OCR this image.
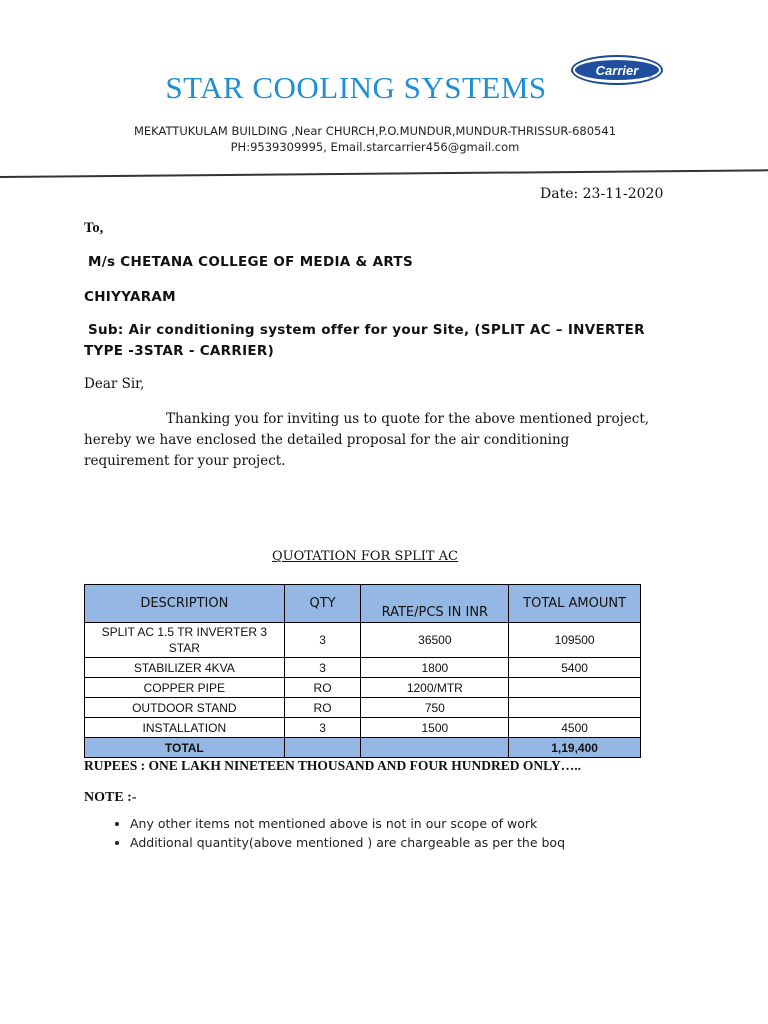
STAR COOLING SYSTEMS	Carrier
®
MEKATTUKULAM BUILDING ,Near CHURCH,P.O.MUNDUR,MUNDUR-THRISSUR-680541
PH:9539309995, Email.starcarrier456@gmail.com
Date: 23-11-2020
To,
M/s CHETANA COLLEGE OF MEDIA & ARTS
CHIYYARAM
Sub: Air conditioning system offer for your Site, (SPLIT AC – INVERTER
TYPE -3STAR - CARRIER)
Dear Sir,
Thanking you for inviting us to quote for the above mentioned project,
hereby we have enclosed the detailed proposal for the air conditioning
requirement for your project.
QUOTATION FOR SPLIT AC
DESCRIPTION	QTY	RATE/PCS IN INR	TOTAL AMOUNT
SPLIT AC 1.5 TR INVERTER 3 STAR	3	36500	109500
STABILIZER 4KVA	3	1800	5400
COPPER PIPE	RO	1200/MTR	
OUTDOOR STAND	RO	750	
INSTALLATION	3	1500	4500
TOTAL			1,19,400
RUPEES : ONE LAKH NINETEEN THOUSAND AND FOUR HUNDRED ONLY…..
NOTE :-
• Any other items not mentioned above is not in our scope of work
• Additional quantity(above mentioned ) are chargeable as per the boq
